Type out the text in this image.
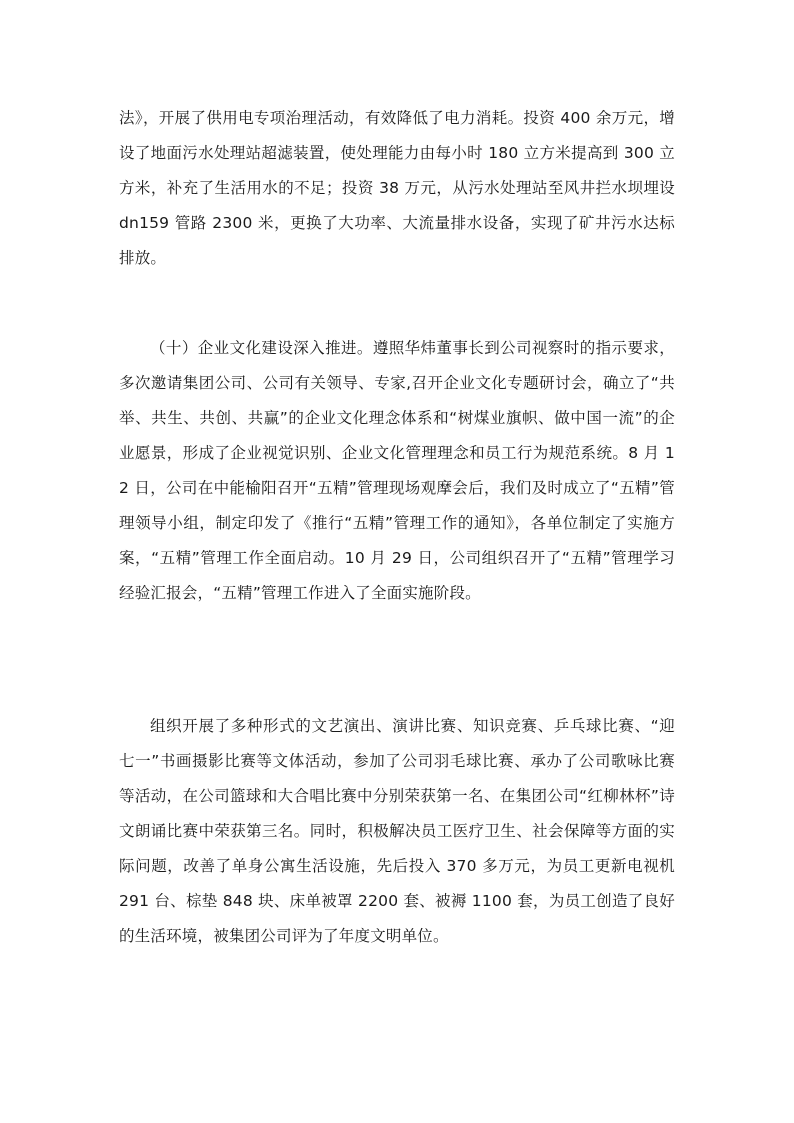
法》，开展了供用电专项治理活动，有效降低了电力消耗。投资 400 余万元，增设了地面污水处理站超滤装置，使处理能力由每小时 180 立方米提高到 300 立方米，补充了生活用水的不足；投资 38 万元，从污水处理站至风井拦水坝埋设 dn159 管路 2300 米，更换了大功率、大流量排水设备，实现了矿井污水达标排放。

（十）企业文化建设深入推进。遵照华炜董事长到公司视察时的指示要求，多次邀请集团公司、公司有关领导、专家,召开企业文化专题研讨会，确立了“共举、共生、共创、共赢”的企业文化理念体系和“树煤业旗帜、做中国一流”的企业愿景，形成了企业视觉识别、企业文化管理理念和员工行为规范系统。8 月 12 日，公司在中能榆阳召开“五精”管理现场观摩会后，我们及时成立了“五精”管理领导小组，制定印发了《推行“五精”管理工作的通知》，各单位制定了实施方案，“五精”管理工作全面启动。10 月 29 日，公司组织召开了“五精”管理学习经验汇报会，“五精”管理工作进入了全面实施阶段。

组织开展了多种形式的文艺演出、演讲比赛、知识竞赛、乒乓球比赛、“迎七一”书画摄影比赛等文体活动，参加了公司羽毛球比赛、承办了公司歌咏比赛等活动，在公司篮球和大合唱比赛中分别荣获第一名、在集团公司“红柳林杯”诗文朗诵比赛中荣获第三名。同时，积极解决员工医疗卫生、社会保障等方面的实际问题，改善了单身公寓生活设施，先后投入 370 多万元，为员工更新电视机 291 台、棕垫 848 块、床单被罩 2200 套、被褥 1100 套，为员工创造了良好的生活环境，被集团公司评为了年度文明单位。
